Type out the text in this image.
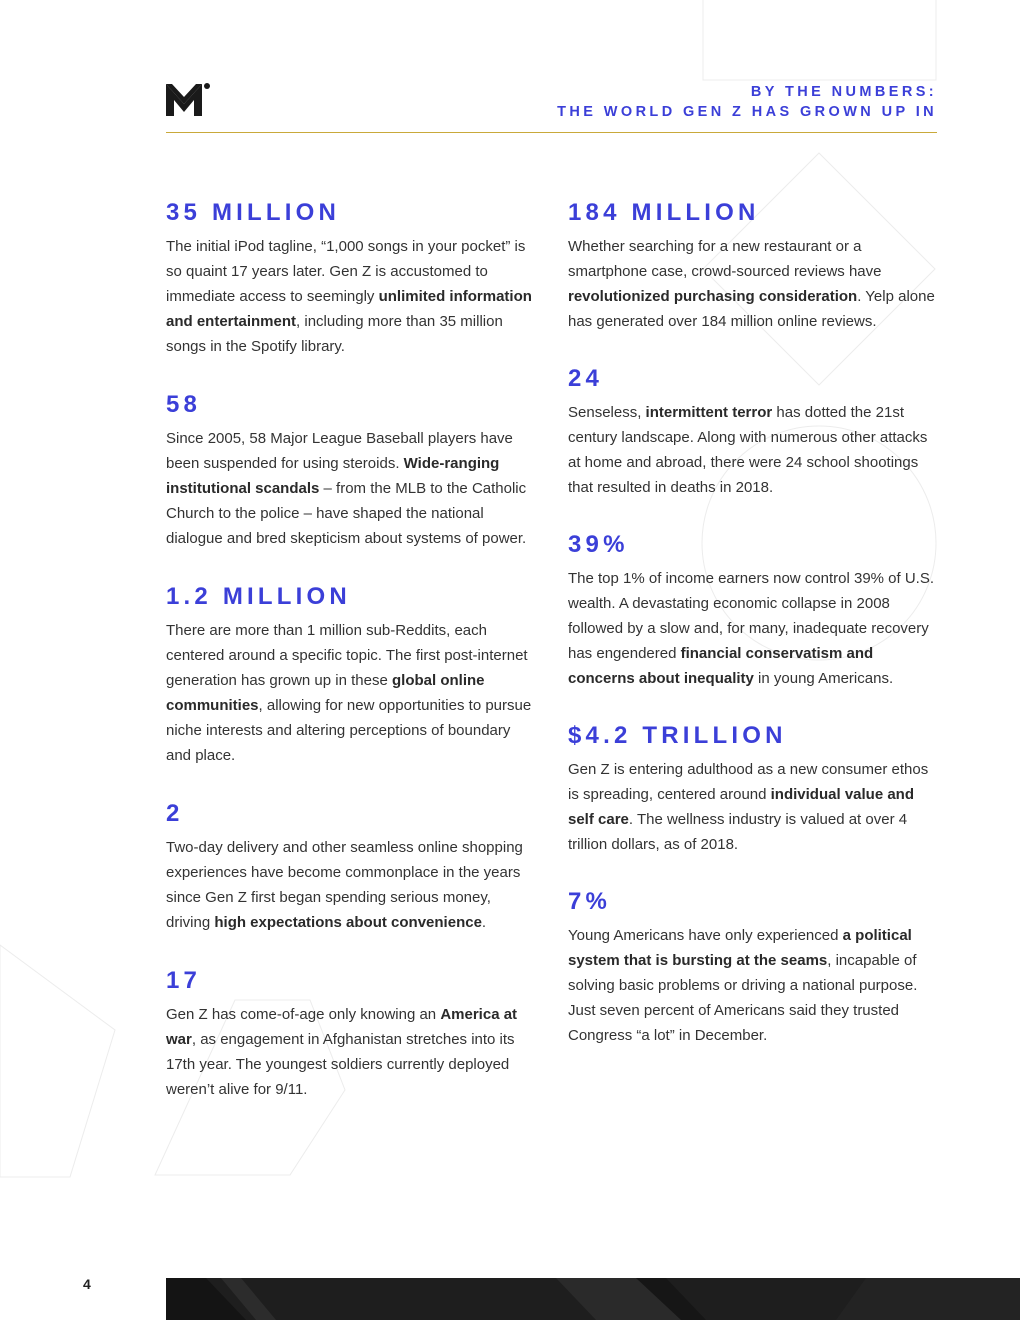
BY THE NUMBERS:
THE WORLD GEN Z HAS GROWN UP IN
35 MILLION

The initial iPod tagline, “1,000 songs in your pocket” is so quaint 17 years later. Gen Z is accustomed to immediate access to seemingly unlimited information and entertainment, including more than 35 million songs in the Spotify library.

58

Since 2005, 58 Major League Baseball players have been suspended for using steroids. Wide-ranging institutional scandals – from the MLB to the Catholic Church to the police – have shaped the national dialogue and bred skepticism about systems of power.

1.2 MILLION

There are more than 1 million sub-Reddits, each centered around a specific topic. The first post-internet generation has grown up in these global online communities, allowing for new opportunities to pursue niche interests and altering perceptions of boundary and place.

2

Two-day delivery and other seamless online shopping experiences have become commonplace in the years since Gen Z first began spending serious money, driving high expectations about convenience.

17

Gen Z has come-of-age only knowing an America at war, as engagement in Afghanistan stretches into its 17th year. The youngest soldiers currently deployed weren’t alive for 9/11.

184 MILLION

Whether searching for a new restaurant or a smartphone case, crowd-sourced reviews have revolutionized purchasing consideration. Yelp alone has generated over 184 million online reviews.

24

Senseless, intermittent terror has dotted the 21st century landscape. Along with numerous other attacks at home and abroad, there were 24 school shootings that resulted in deaths in 2018.

39%

The top 1% of income earners now control 39% of U.S. wealth. A devastating economic collapse in 2008 followed by a slow and, for many, inadequate recovery has engendered financial conservatism and concerns about inequality in young Americans.

$4.2 TRILLION

Gen Z is entering adulthood as a new consumer ethos is spreading, centered around individual value and self care. The wellness industry is valued at over 4 trillion dollars, as of 2018.

7%

Young Americans have only experienced a political system that is bursting at the seams, incapable of solving basic problems or driving a national purpose. Just seven percent of Americans said they trusted Congress “a lot” in December.

4
